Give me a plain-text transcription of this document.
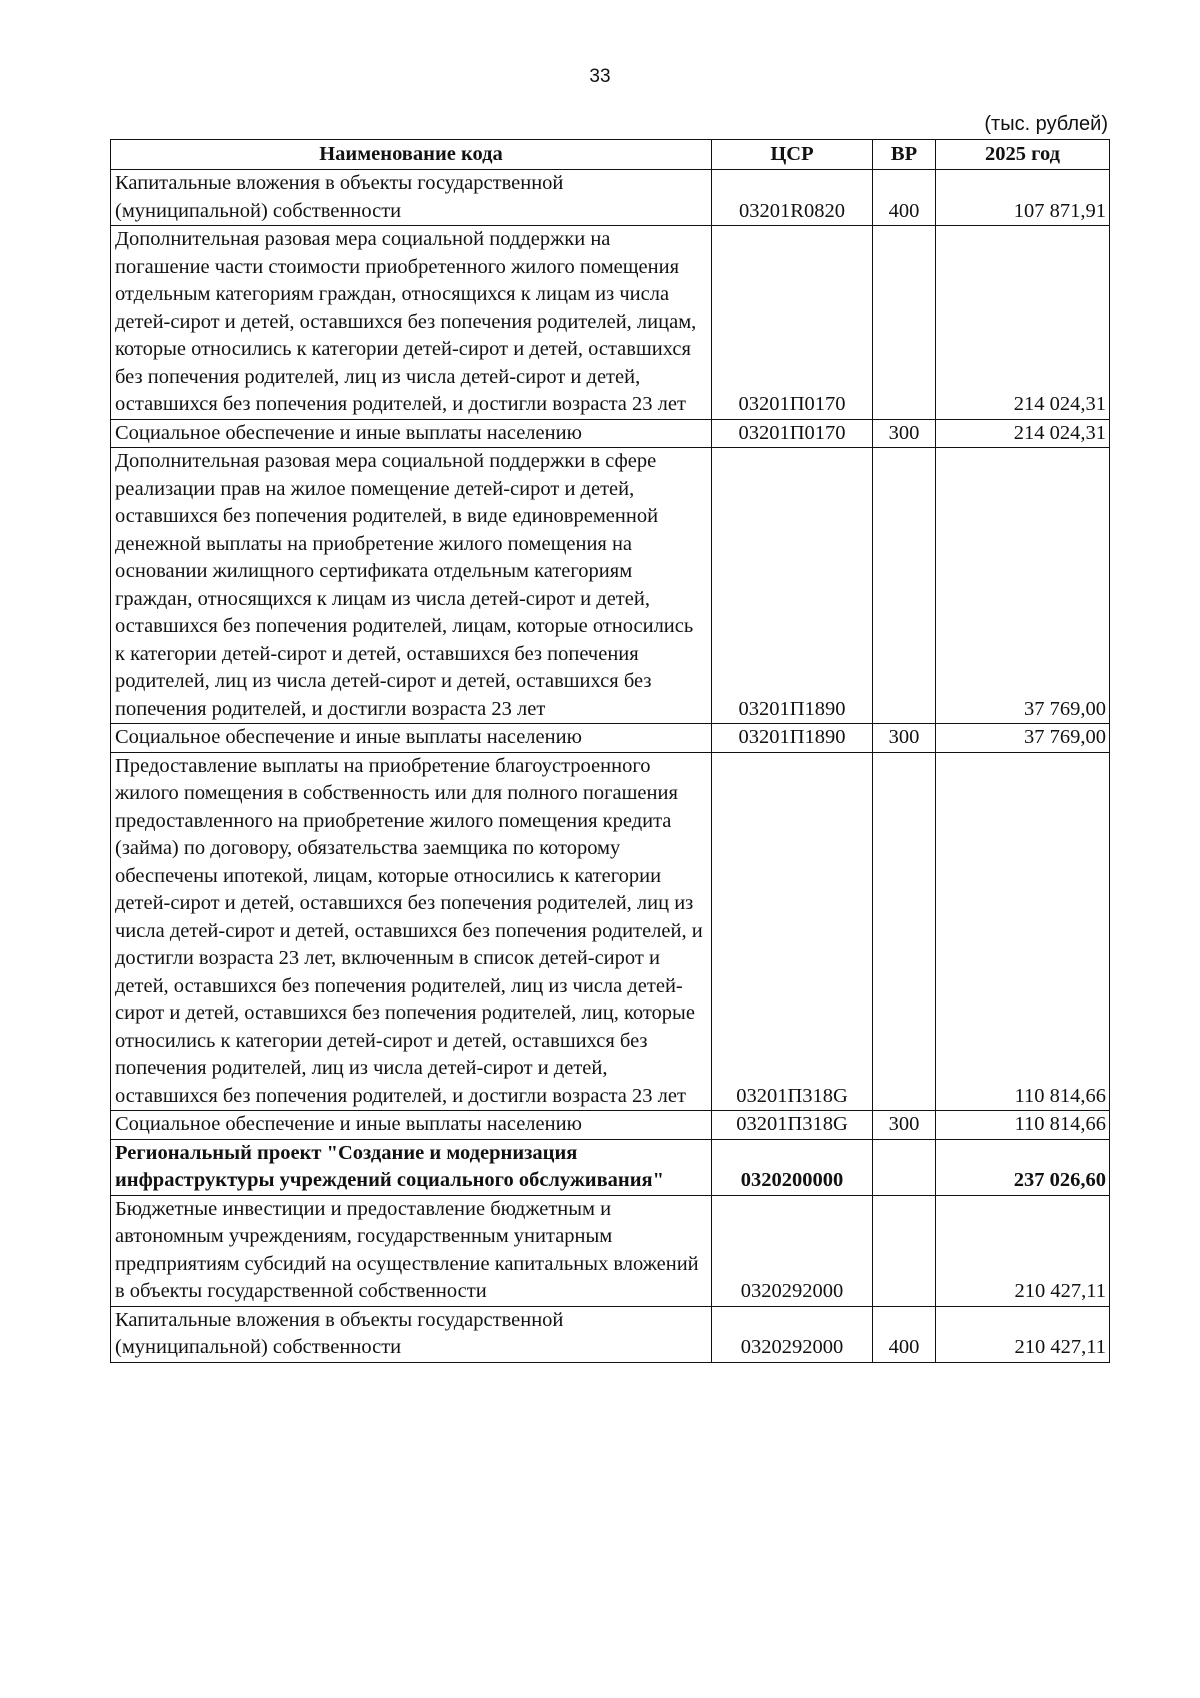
33
(тыс. рублей)
Наименование кода	ЦСР	ВР	2025 год
Капитальные вложения в объекты государственной (муниципальной) собственности	03201R0820	400	107 871,91
Дополнительная разовая мера социальной поддержки на погашение части стоимости приобретенного жилого помещения отдельным категориям граждан, относящихся к лицам из числа детей-сирот и детей, оставшихся без попечения родителей, лицам, которые относились к категории детей-сирот и детей, оставшихся без попечения родителей, лиц из числа детей-сирот и детей, оставшихся без попечения родителей, и достигли возраста 23 лет	03201П0170		214 024,31
Социальное обеспечение и иные выплаты населению	03201П0170	300	214 024,31
Дополнительная разовая мера социальной поддержки в сфере реализации прав на жилое помещение детей-сирот и детей, оставшихся без попечения родителей, в виде единовременной денежной выплаты на приобретение жилого помещения на основании жилищного сертификата отдельным категориям граждан, относящихся к лицам из числа детей-сирот и детей, оставшихся без попечения родителей, лицам, которые относились к категории детей-сирот и детей, оставшихся без попечения родителей, лиц из числа детей-сирот и детей, оставшихся без попечения родителей, и достигли возраста 23 лет	03201П1890		37 769,00
Социальное обеспечение и иные выплаты населению	03201П1890	300	37 769,00
Предоставление выплаты на приобретение благоустроенного жилого помещения в собственность или для полного погашения предоставленного на приобретение жилого помещения кредита (займа) по договору, обязательства заемщика по которому обеспечены ипотекой, лицам, которые относились к категории детей-сирот и детей, оставшихся без попечения родителей, лиц из числа детей-сирот и детей, оставшихся без попечения родителей, и достигли возраста 23 лет, включенным в список детей-сирот и детей, оставшихся без попечения родителей, лиц из числа детей-сирот и детей, оставшихся без попечения родителей, лиц, которые относились к категории детей-сирот и детей, оставшихся без попечения родителей, лиц из числа детей-сирот и детей, оставшихся без попечения родителей, и достигли возраста 23 лет	03201П318G		110 814,66
Социальное обеспечение и иные выплаты населению	03201П318G	300	110 814,66
Региональный проект "Создание и модернизация инфраструктуры учреждений социального обслуживания"	0320200000		237 026,60
Бюджетные инвестиции и предоставление бюджетным и автономным учреждениям, государственным унитарным предприятиям субсидий на осуществление капитальных вложений в объекты государственной собственности	0320292000		210 427,11
Капитальные вложения в объекты государственной (муниципальной) собственности	0320292000	400	210 427,11
